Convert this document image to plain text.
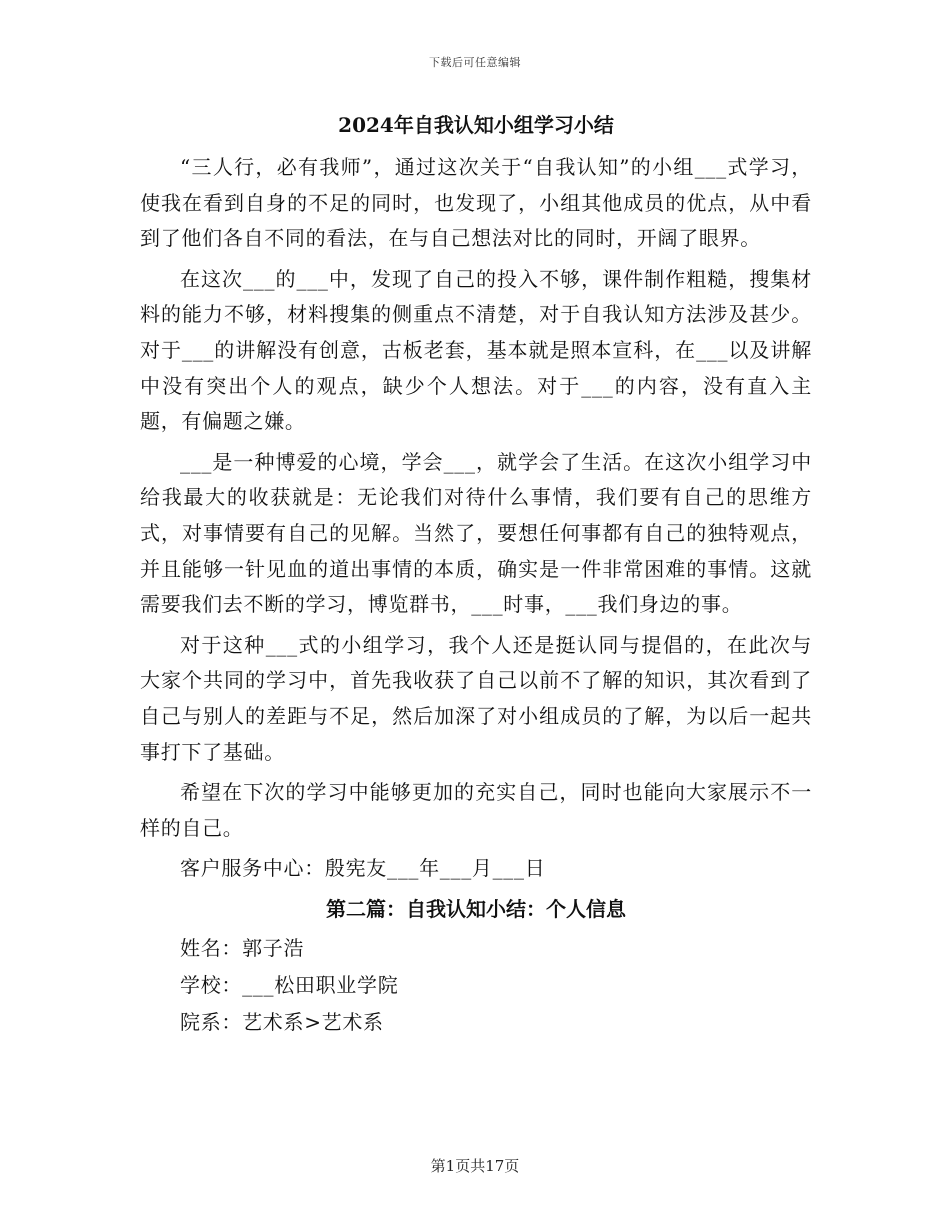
下载后可任意编辑
2024年自我认知小组学习小结

“三人行，必有我师”，通过这次关于“自我认知”的小组___式学习，使我在看到自身的不足的同时，也发现了，小组其他成员的优点，从中看到了他们各自不同的看法，在与自己想法对比的同时，开阔了眼界。

在这次___的___中，发现了自己的投入不够，课件制作粗糙，搜集材料的能力不够，材料搜集的侧重点不清楚，对于自我认知方法涉及甚少。对于___的讲解没有创意，古板老套，基本就是照本宣科，在___以及讲解中没有突出个人的观点，缺少个人想法。对于___的内容，没有直入主题，有偏题之嫌。

___是一种博爱的心境，学会___，就学会了生活。在这次小组学习中给我最大的收获就是：无论我们对待什么事情，我们要有自己的思维方式，对事情要有自己的见解。当然了，要想任何事都有自己的独特观点，并且能够一针见血的道出事情的本质，确实是一件非常困难的事情。这就需要我们去不断的学习，博览群书，___时事，___我们身边的事。

对于这种___式的小组学习，我个人还是挺认同与提倡的，在此次与大家个共同的学习中，首先我收获了自己以前不了解的知识，其次看到了自己与别人的差距与不足，然后加深了对小组成员的了解，为以后一起共事打下了基础。

希望在下次的学习中能够更加的充实自己，同时也能向大家展示不一样的自己。

客户服务中心：殷宪友___年___月___日

第二篇：自我认知小结：个人信息

姓名：郭子浩

学校：___松田职业学院

院系：艺术系>艺术系

第1页共17页
